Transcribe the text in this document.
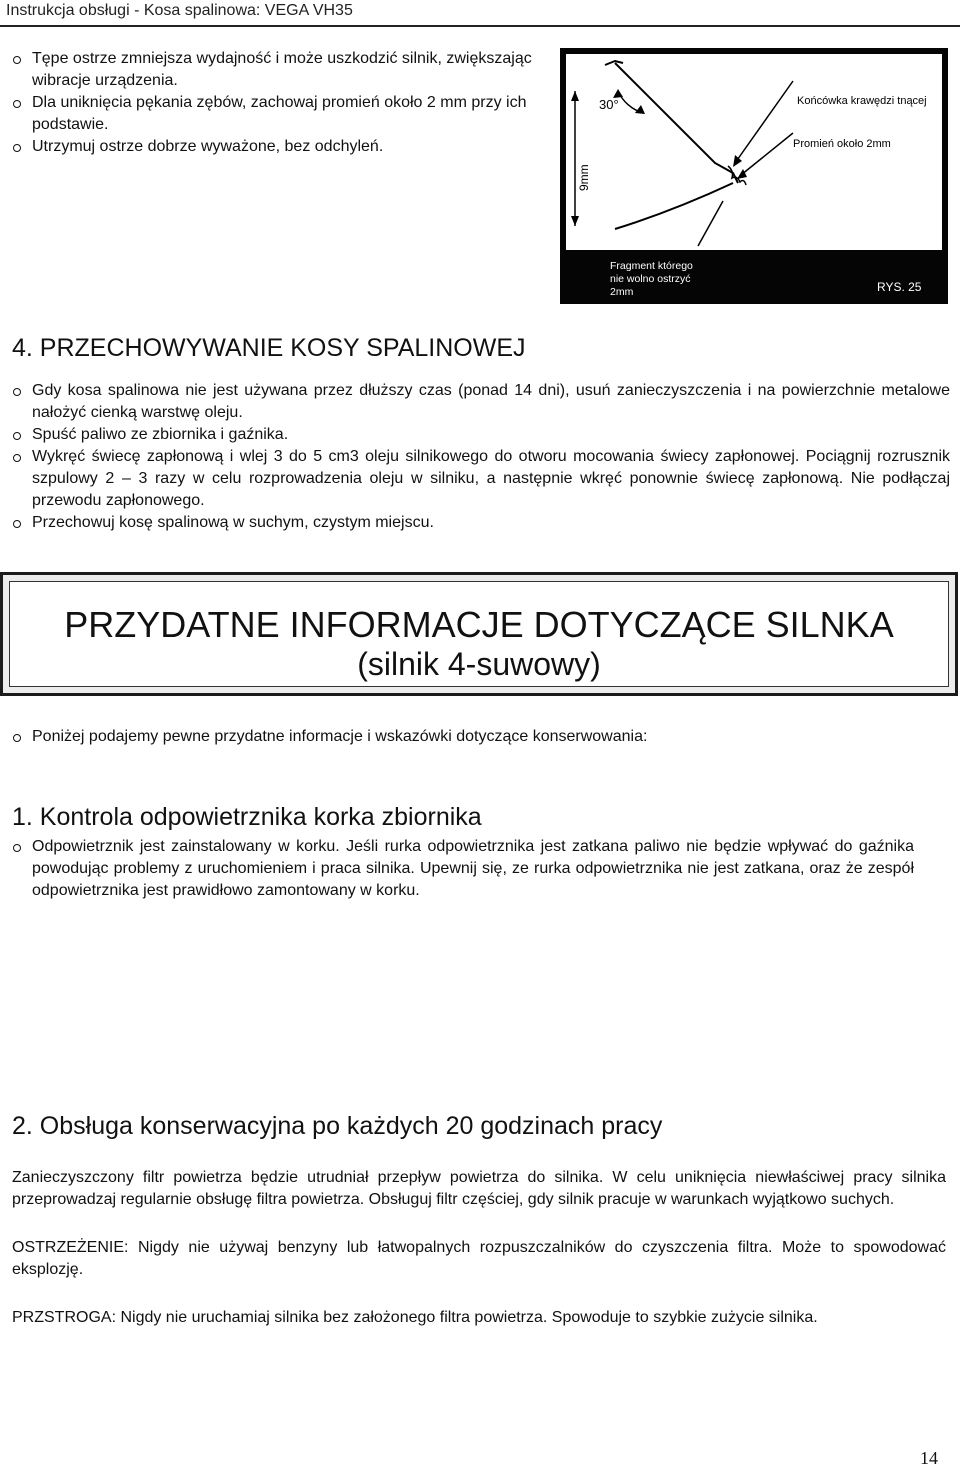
Instrukcja obsługi - Kosa spalinowa: VEGA VH35
Tępe ostrze zmniejsza wydajność i może uszkodzić silnik, zwiększając wibracje urządzenia.
Dla uniknięcia pękania zębów, zachowaj promień około 2 mm przy ich podstawie.
Utrzymuj ostrze dobrze wyważone, bez odchyleń.
30°
9mm
Końcówka krawędzi tnącej
Promień około 2mm
Fragment którego
nie wolno ostrzyć
2mm	RYS. 25
4. PRZECHOWYWANIE KOSY SPALINOWEJ
Gdy kosa spalinowa nie jest używana przez dłuższy czas (ponad 14 dni), usuń zanieczyszczenia i na powierzchnie metalowe nałożyć cienką warstwę oleju.
Spuść paliwo ze zbiornika i gaźnika.
Wykręć świecę zapłonową i wlej 3 do 5 cm3 oleju silnikowego do otworu mocowania świecy zapłonowej. Pociągnij rozrusznik szpulowy 2 – 3 razy w celu rozprowadzenia oleju w silniku, a następnie wkręć ponownie świecę zapłonową. Nie podłączaj przewodu zapłonowego.
Przechowuj kosę spalinową w suchym, czystym miejscu.
PRZYDATNE INFORMACJE DOTYCZĄCE SILNKA
(silnik 4-suwowy)
Poniżej podajemy pewne przydatne informacje i wskazówki dotyczące konserwowania:
1. Kontrola odpowietrznika korka zbiornika
Odpowietrznik jest zainstalowany w korku. Jeśli rurka odpowietrznika jest zatkana paliwo nie będzie wpływać do gaźnika powodując problemy z uruchomieniem i praca silnika. Upewnij się, ze rurka odpowietrznika nie jest zatkana, oraz że zespół odpowietrznika jest prawidłowo zamontowany w korku.
2. Obsługa konserwacyjna po każdych 20 godzinach pracy

Zanieczyszczony filtr powietrza będzie utrudniał przepływ powietrza do silnika. W celu uniknięcia niewłaściwej pracy silnika przeprowadzaj regularnie obsługę filtra powietrza. Obsługuj filtr częściej, gdy silnik pracuje w warunkach wyjątkowo suchych.

OSTRZEŻENIE: Nigdy nie używaj benzyny lub łatwopalnych rozpuszczalników do czyszczenia filtra. Może to spowodować eksplozję.

PRZSTROGA: Nigdy nie uruchamiaj silnika bez założonego filtra powietrza. Spowoduje to szybkie zużycie silnika.

14
